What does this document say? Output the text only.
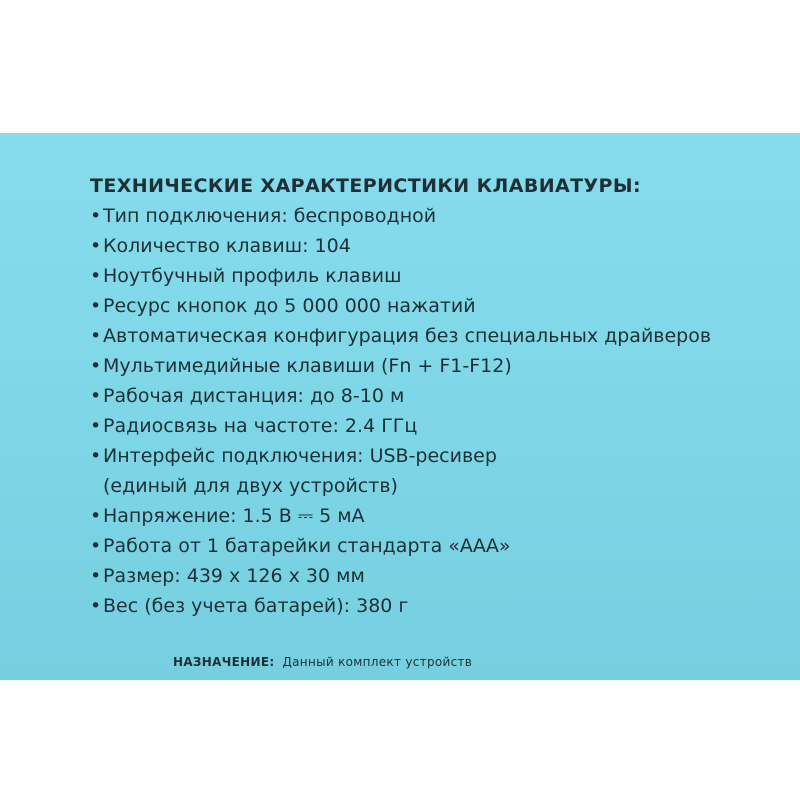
ТЕХНИЧЕСКИЕ ХАРАКТЕРИСТИКИ КЛАВИАТУРЫ:
• Тип подключения: беспроводной
• Количество клавиш: 104
• Ноутбучный профиль клавиш
• Ресурс кнопок до 5 000 000 нажатий
• Автоматическая конфигурация без специальных драйверов
• Мультимедийные клавиши (Fn + F1-F12)
• Рабочая дистанция: до 8-10 м
• Радиосвязь на частоте: 2.4 ГГц
• Интерфейс подключения: USB-ресивер
(единый для двух устройств)
• Напряжение: 1.5 В ⎓ 5 мА
• Работа от 1 батарейки стандарта «ААА»
• Размер: 439 х 126 х 30 мм
• Вес (без учета батарей): 380 г
НАЗНАЧЕНИЕ: Данный комплект устройств
